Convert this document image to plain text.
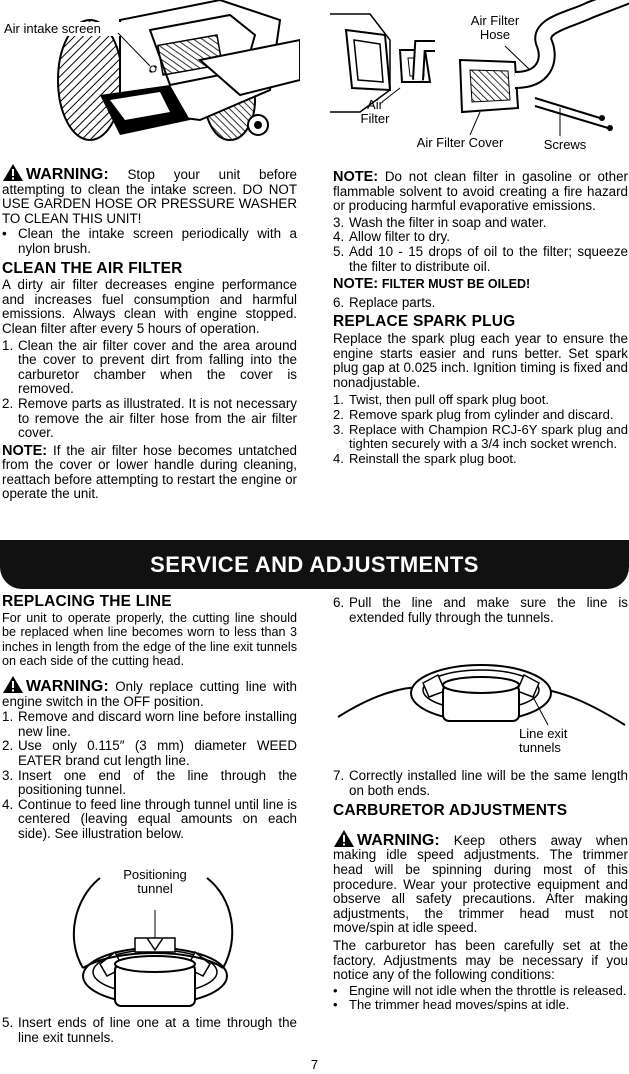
Air intake screen
Air Filter Hose
Air Filter
Air Filter Cover	Screws

WARNING: Stop your unit before attempting to clean the intake screen. DO NOT USE GARDEN HOSE OR PRESSURE WASHER TO CLEAN THIS UNIT!

• Clean the intake screen periodically with a nylon brush.
CLEAN THE AIR FILTER

A dirty air filter decreases engine performance and increases fuel consumption and harmful emissions. Always clean with engine stopped. Clean filter after every 5 hours of operation.

1. Clean the air filter cover and the area around the cover to prevent dirt from falling into the carburetor chamber when the cover is removed.
2. Remove parts as illustrated. It is not necessary to remove the air filter hose from the air filter cover.

NOTE: If the air filter hose becomes untatched from the cover or lower handle during cleaning, reattach before attempting to restart the engine or operate the unit.

NOTE: Do not clean filter in gasoline or other flammable solvent to avoid creating a fire hazard or producing harmful evaporative emissions.

3. Wash the filter in soap and water.
4. Allow filter to dry.
5. Add 10 - 15 drops of oil to the filter; squeeze the filter to distribute oil.

NOTE: FILTER MUST BE OILED!

6. Replace parts.
REPLACE SPARK PLUG

Replace the spark plug each year to ensure the engine starts easier and runs better. Set spark plug gap at 0.025 inch. Ignition timing is fixed and nonadjustable.

1. Twist, then pull off spark plug boot.
2. Remove spark plug from cylinder and discard.
3. Replace with Champion RCJ-6Y spark plug and tighten securely with a 3/4 inch socket wrench.
4. Reinstall the spark plug boot.
SERVICE AND ADJUSTMENTS
REPLACING THE LINE

For unit to operate properly, the cutting line should be replaced when line becomes worn to less than 3 inches in length from the edge of the line exit tunnels on each side of the cutting head.

WARNING: Only replace cutting line with engine switch in the OFF position.

1. Remove and discard worn line before installing new line.
2. Use only 0.115″ (3 mm) diameter WEED EATER brand cut length line.
3. Insert one end of the line through the positioning tunnel.
4. Continue to feed line through tunnel until line is centered (leaving equal amounts on each side). See illustration below.
Positioning tunnel
5. Insert ends of line one at a time through the line exit tunnels.
6. Pull the line and make sure the line is extended fully through the tunnels.
Line exit tunnels
7. Correctly installed line will be the same length on both ends.
CARBURETOR ADJUSTMENTS

WARNING: Keep others away when making idle speed adjustments. The trimmer head will be spinning during most of this procedure. Wear your protective equipment and observe all safety precautions. After making adjustments, the trimmer head must not move/spin at idle speed.

The carburetor has been carefully set at the factory. Adjustments may be necessary if you notice any of the following conditions:

• Engine will not idle when the throttle is released.
• The trimmer head moves/spins at idle.
7
